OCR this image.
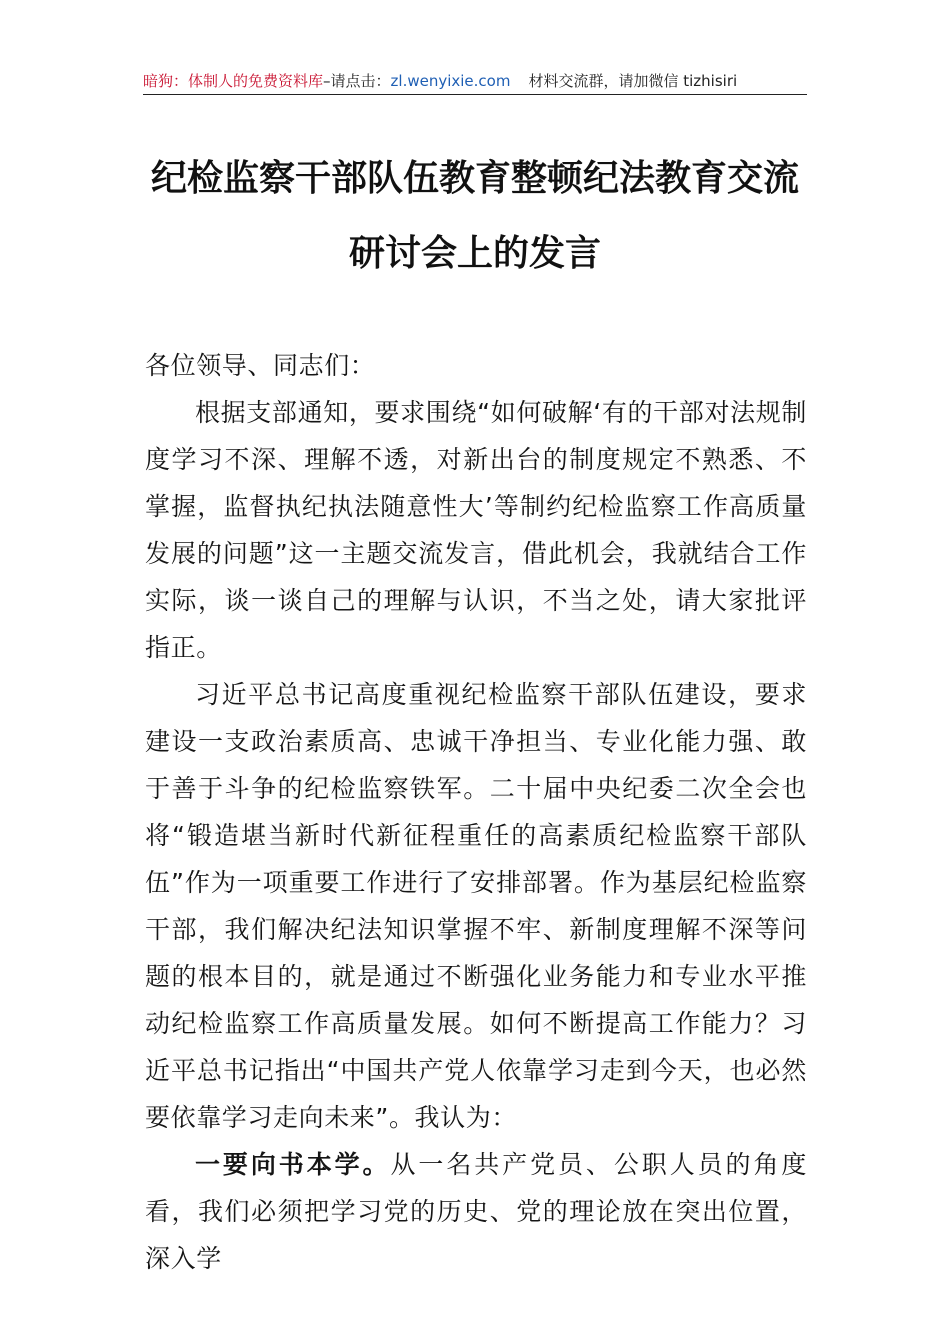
暗狗：体制人的免费资料库–请点击：zl.wenyixie.com 材料交流群，请加微信 tizhisiri
纪检监察干部队伍教育整顿纪法教育交流
研讨会上的发言

各位领导、同志们：

根据支部通知，要求围绕“如何破解‘有的干部对法规制度学习不深、理解不透，对新出台的制度规定不熟悉、不掌握，监督执纪执法随意性大’等制约纪检监察工作高质量发展的问题”这一主题交流发言，借此机会，我就结合工作实际，谈一谈自己的理解与认识，不当之处，请大家批评指正。

习近平总书记高度重视纪检监察干部队伍建设，要求建设一支政治素质高、忠诚干净担当、专业化能力强、敢于善于斗争的纪检监察铁军。二十届中央纪委二次全会也将“锻造堪当新时代新征程重任的高素质纪检监察干部队伍”作为一项重要工作进行了安排部署。作为基层纪检监察干部，我们解决纪法知识掌握不牢、新制度理解不深等问题的根本目的，就是通过不断强化业务能力和专业水平推动纪检监察工作高质量发展。如何不断提高工作能力？习近平总书记指出“中国共产党人依靠学习走到今天，也必然要依靠学习走向未来”。我认为：

一要向书本学。从一名共产党员、公职人员的角度看，我们必须把学习党的历史、党的理论放在突出位置，深入学
